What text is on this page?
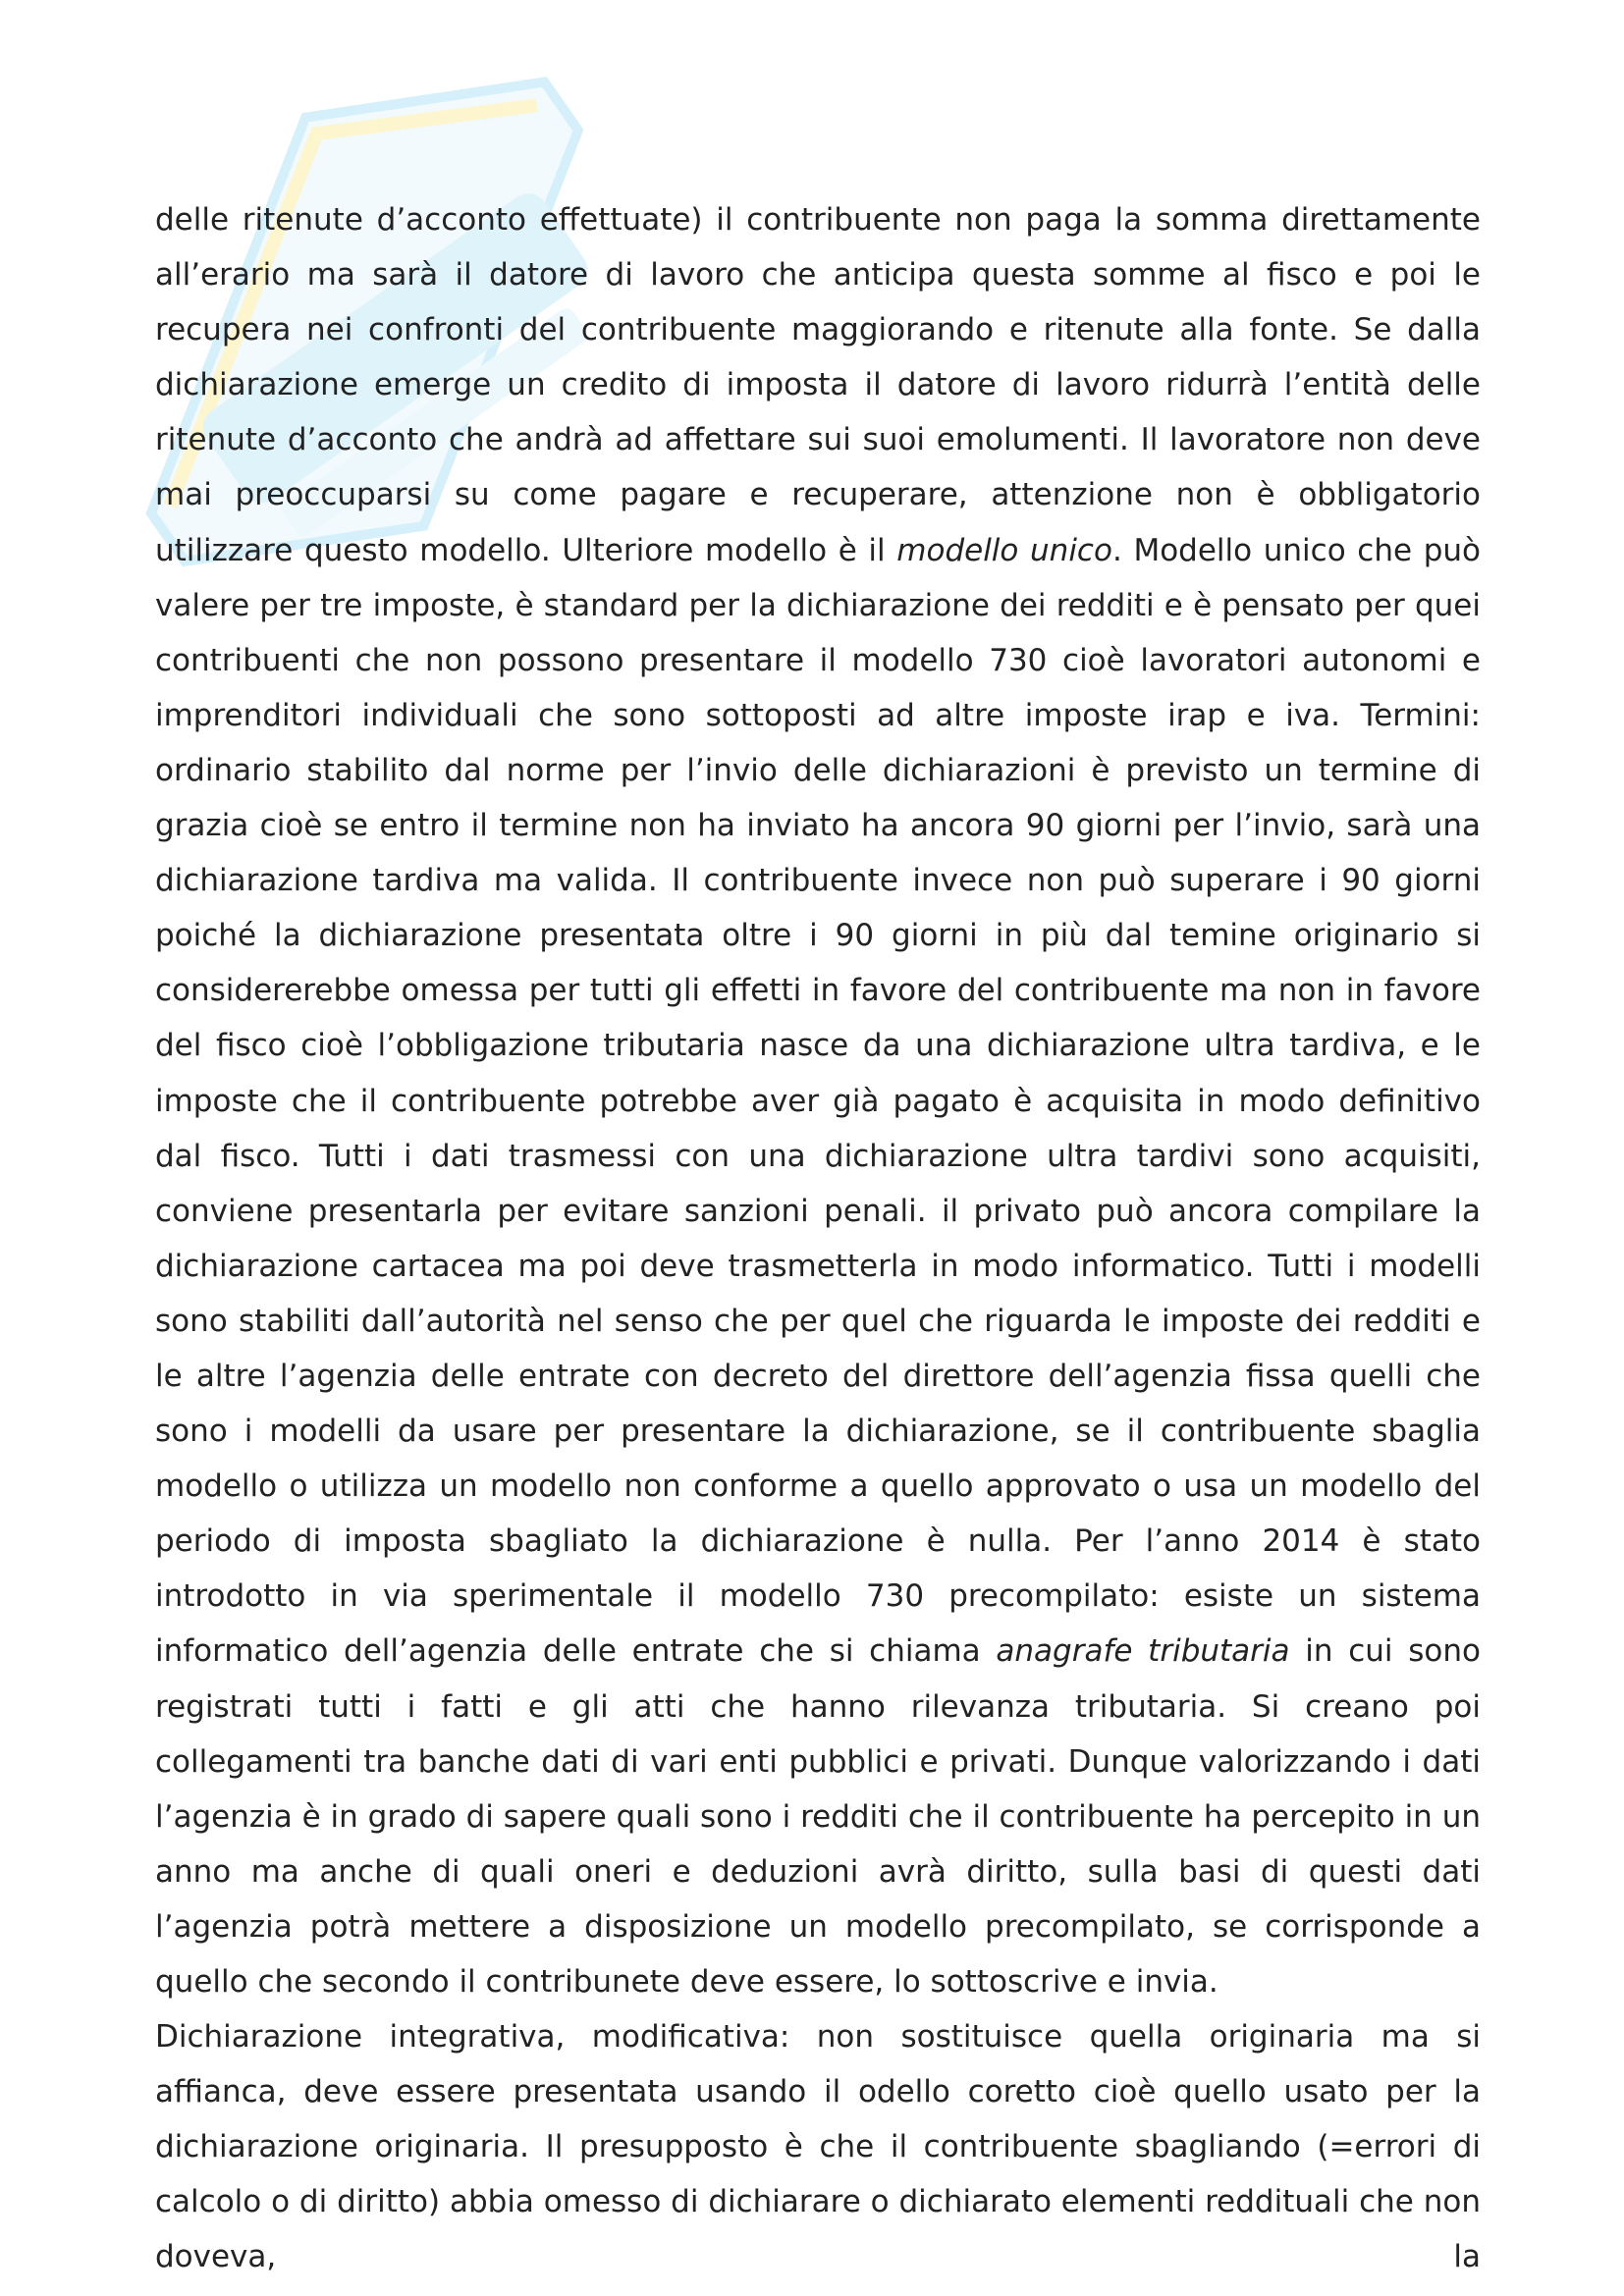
delle ritenute d’acconto effettuate) il contribuente non paga la somma direttamente all’erario ma sarà il datore di lavoro che anticipa questa somme al fisco e poi le recupera nei confronti del contribuente maggiorando e ritenute alla fonte. Se dalla dichiarazione emerge un credito di imposta il datore di lavoro ridurrà l’entità delle ritenute d’acconto che andrà ad affettare sui suoi emolumenti. Il lavoratore non deve mai preoccuparsi su come pagare e recuperare, attenzione non è obbligatorio utilizzare questo modello. Ulteriore modello è il modello unico. Modello unico che può valere per tre imposte, è standard per la dichiarazione dei redditi e è pensato per quei contribuenti che non possono presentare il modello 730 cioè lavoratori autonomi e imprenditori individuali che sono sottoposti ad altre imposte irap e iva. Termini: ordinario stabilito dal norme per l’invio delle dichiarazioni è previsto un termine di grazia cioè se entro il termine non ha inviato ha ancora 90 giorni per l’invio, sarà una dichiarazione tardiva ma valida. Il contribuente invece non può superare i 90 giorni poiché la dichiarazione presentata oltre i 90 giorni in più dal temine originario si considererebbe omessa per tutti gli effetti in favore del contribuente ma non in favore del fisco cioè l’obbligazione tributaria nasce da una dichiarazione ultra tardiva, e le imposte che il contribuente potrebbe aver già pagato è acquisita in modo definitivo dal fisco. Tutti i dati trasmessi con una dichiarazione ultra tardivi sono acquisiti, conviene presentarla per evitare sanzioni penali. il privato può ancora compilare la dichiarazione cartacea ma poi deve trasmetterla in modo informatico. Tutti i modelli sono stabiliti dall’autorità nel senso che per quel che riguarda le imposte dei redditi e le altre l’agenzia delle entrate con decreto del direttore dell’agenzia fissa quelli che sono i modelli da usare per presentare la dichiarazione, se il contribuente sbaglia modello o utilizza un modello non conforme a quello approvato o usa un modello del periodo di imposta sbagliato la dichiarazione è nulla. Per l’anno 2014 è stato introdotto in via sperimentale il modello 730 precompilato: esiste un sistema informatico dell’agenzia delle entrate che si chiama anagrafe tributaria in cui sono registrati tutti i fatti e gli atti che hanno rilevanza tributaria. Si creano poi collegamenti tra banche dati di vari enti pubblici e privati. Dunque valorizzando i dati l’agenzia è in grado di sapere quali sono i redditi che il contribuente ha percepito in un anno ma anche di quali oneri e deduzioni avrà diritto, sulla basi di questi dati l’agenzia potrà mettere a disposizione un modello precompilato, se corrisponde a quello che secondo il contribunete deve essere, lo sottoscrive e invia.

Dichiarazione integrativa, modificativa: non sostituisce quella originaria ma si affianca, deve essere presentata usando il odello coretto cioè quello usato per la dichiarazione originaria. Il presupposto è che il contribuente sbagliando (=errori di calcolo o di diritto) abbia omesso di dichiarare o dichiarato elementi reddituali che non doveva, la
